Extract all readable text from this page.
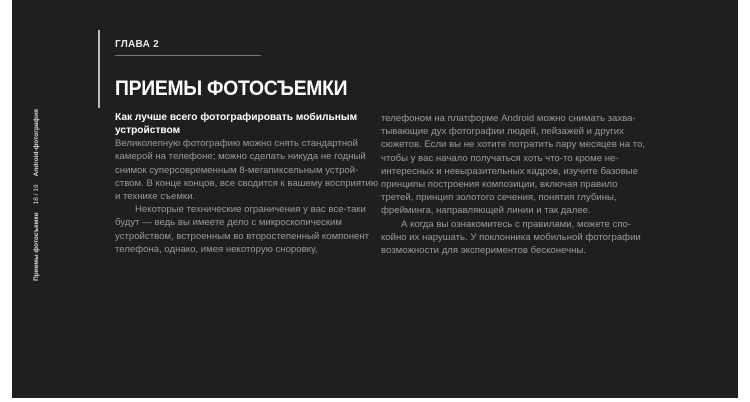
Приемы фотосъемки
18 / 19
Android-фотография
ГЛАВА 2
ПРИЕМЫ ФОТОСЪЕМКИ
Как лучше всего фотографировать мобильным устройством

Великолепную фотографию можно снять стандартной камерой на телефоне; можно сделать никуда не годный снимок суперсовременным 8-мегапиксельным устройством. В конце концов, все сводится к вашему восприятию и технике съемки.

Некоторые технические ограничения у вас все-таки будут — ведь вы имеете дело с микроскопическим устройством, встроенным во второстепенный компонент телефона, однако, имея некоторую сноровку,

телефоном на платформе Android можно снимать захватывающие дух фотографии людей, пейзажей и других сюжетов. Если вы не хотите потратить пару месяцев на то, чтобы у вас начало получаться хоть что-то кроме неинтересных и невыразительных кадров, изучите базовые принципы построения композиции, включая правило третей, принцип золотого сечения, понятия глубины, фрейминга, направляющей линии и так далее.

А когда вы ознакомитесь с правилами, можете спокойно их нарушать. У поклонника мобильной фотографии возможности для экспериментов бесконечны.
